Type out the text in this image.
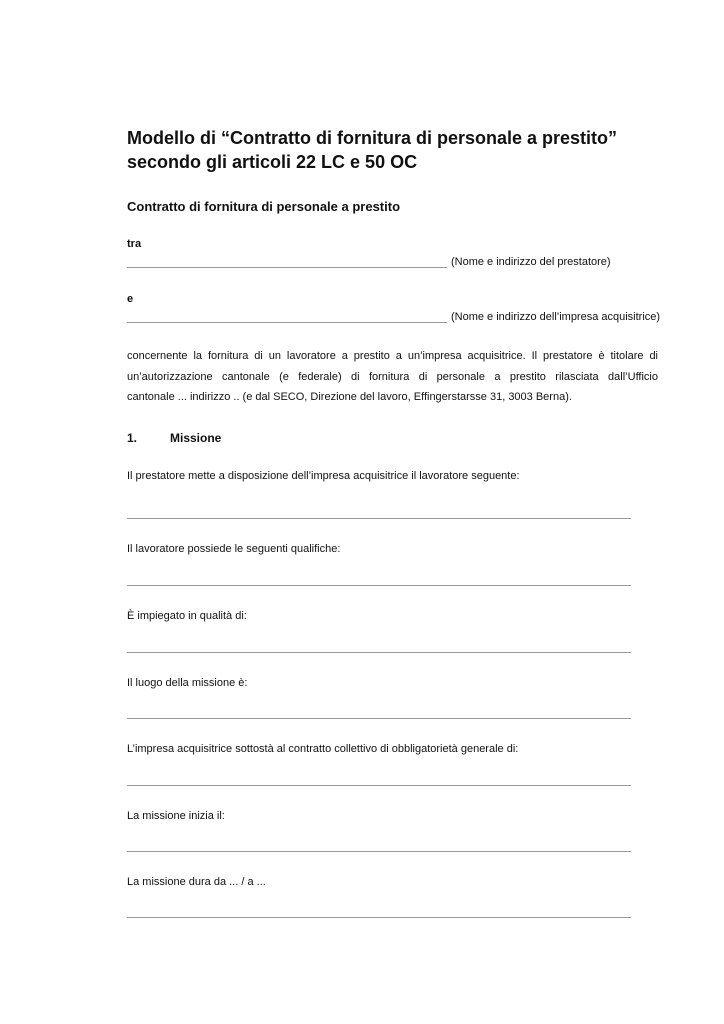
Modello di “Contratto di fornitura di personale a prestito”
secondo gli articoli 22 LC e 50 OC
Contratto di fornitura di personale a prestito
tra
(Nome e indirizzo del prestatore)
e
(Nome e indirizzo dell’impresa acquisitrice)
concernente la fornitura di un lavoratore a prestito a un’impresa acquisitrice. Il prestatore è titolare di
un’autorizzazione cantonale (e federale) di fornitura di personale a prestito rilasciata dall’Ufficio
cantonale ... indirizzo .. (e dal SECO, Direzione del lavoro, Effingerstarsse 31, 3003 Berna).
1.	Missione
Il prestatore mette a disposizione dell’impresa acquisitrice il lavoratore seguente:
Il lavoratore possiede le seguenti qualifiche:
È impiegato in qualità di:
Il luogo della missione è:
L’impresa acquisitrice sottostà al contratto collettivo di obbligatorietà generale di:
La missione inizia il:
La missione dura da ... / a ...
